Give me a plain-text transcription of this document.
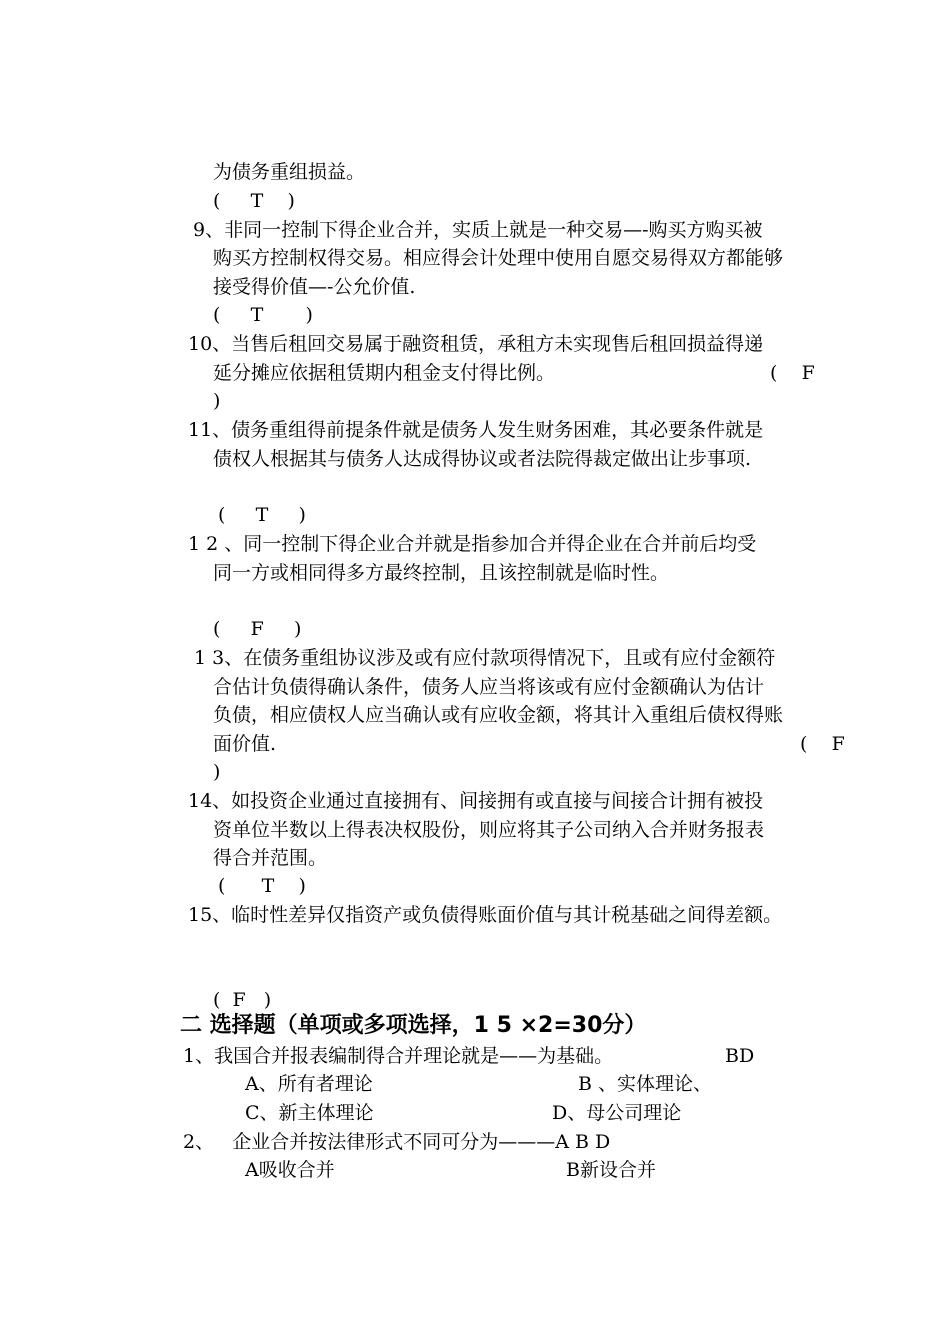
为债务重组损益。
(     T    )
9、非同一控制下得企业合并，实质上就是一种交易—-购买方购买被
购买方控制权得交易。相应得会计处理中使用自愿交易得双方都能够
接受得价值—-公允价值.
(     T       )
10、当售后租回交易属于融资租赁，承租方未实现售后租回损益得递
延分摊应依据租赁期内租金支付得比例。	(    F
)
11、债务重组得前提条件就是债务人发生财务困难，其必要条件就是
债权人根据其与债务人达成得协议或者法院得裁定做出让步事项.
(     T     )
1 2 、同一控制下得企业合并就是指参加合并得企业在合并前后均受
同一方或相同得多方最终控制，且该控制就是临时性。
(     F     )
1 3、在债务重组协议涉及或有应付款项得情况下，且或有应付金额符
合估计负债得确认条件，债务人应当将该或有应付金额确认为估计
负债，相应债权人应当确认或有应收金额，将其计入重组后债权得账
面价值.	(    F
)
14、如投资企业通过直接拥有、间接拥有或直接与间接合计拥有被投
资单位半数以上得表决权股份，则应将其子公司纳入合并财务报表
得合并范围。
(      T    )
15、临时性差异仅指资产或负债得账面价值与其计税基础之间得差额。
(  F   )
二 选择题（单项或多项选择，1 5 ×2=30分）
1、我国合并报表编制得合并理论就是——为基础。	BD
A、所有者理论	B 、实体理论、
C、新主体理论	D、母公司理论
2、   企业合并按法律形式不同可分为———A B D
A吸收合并	B新设合并
